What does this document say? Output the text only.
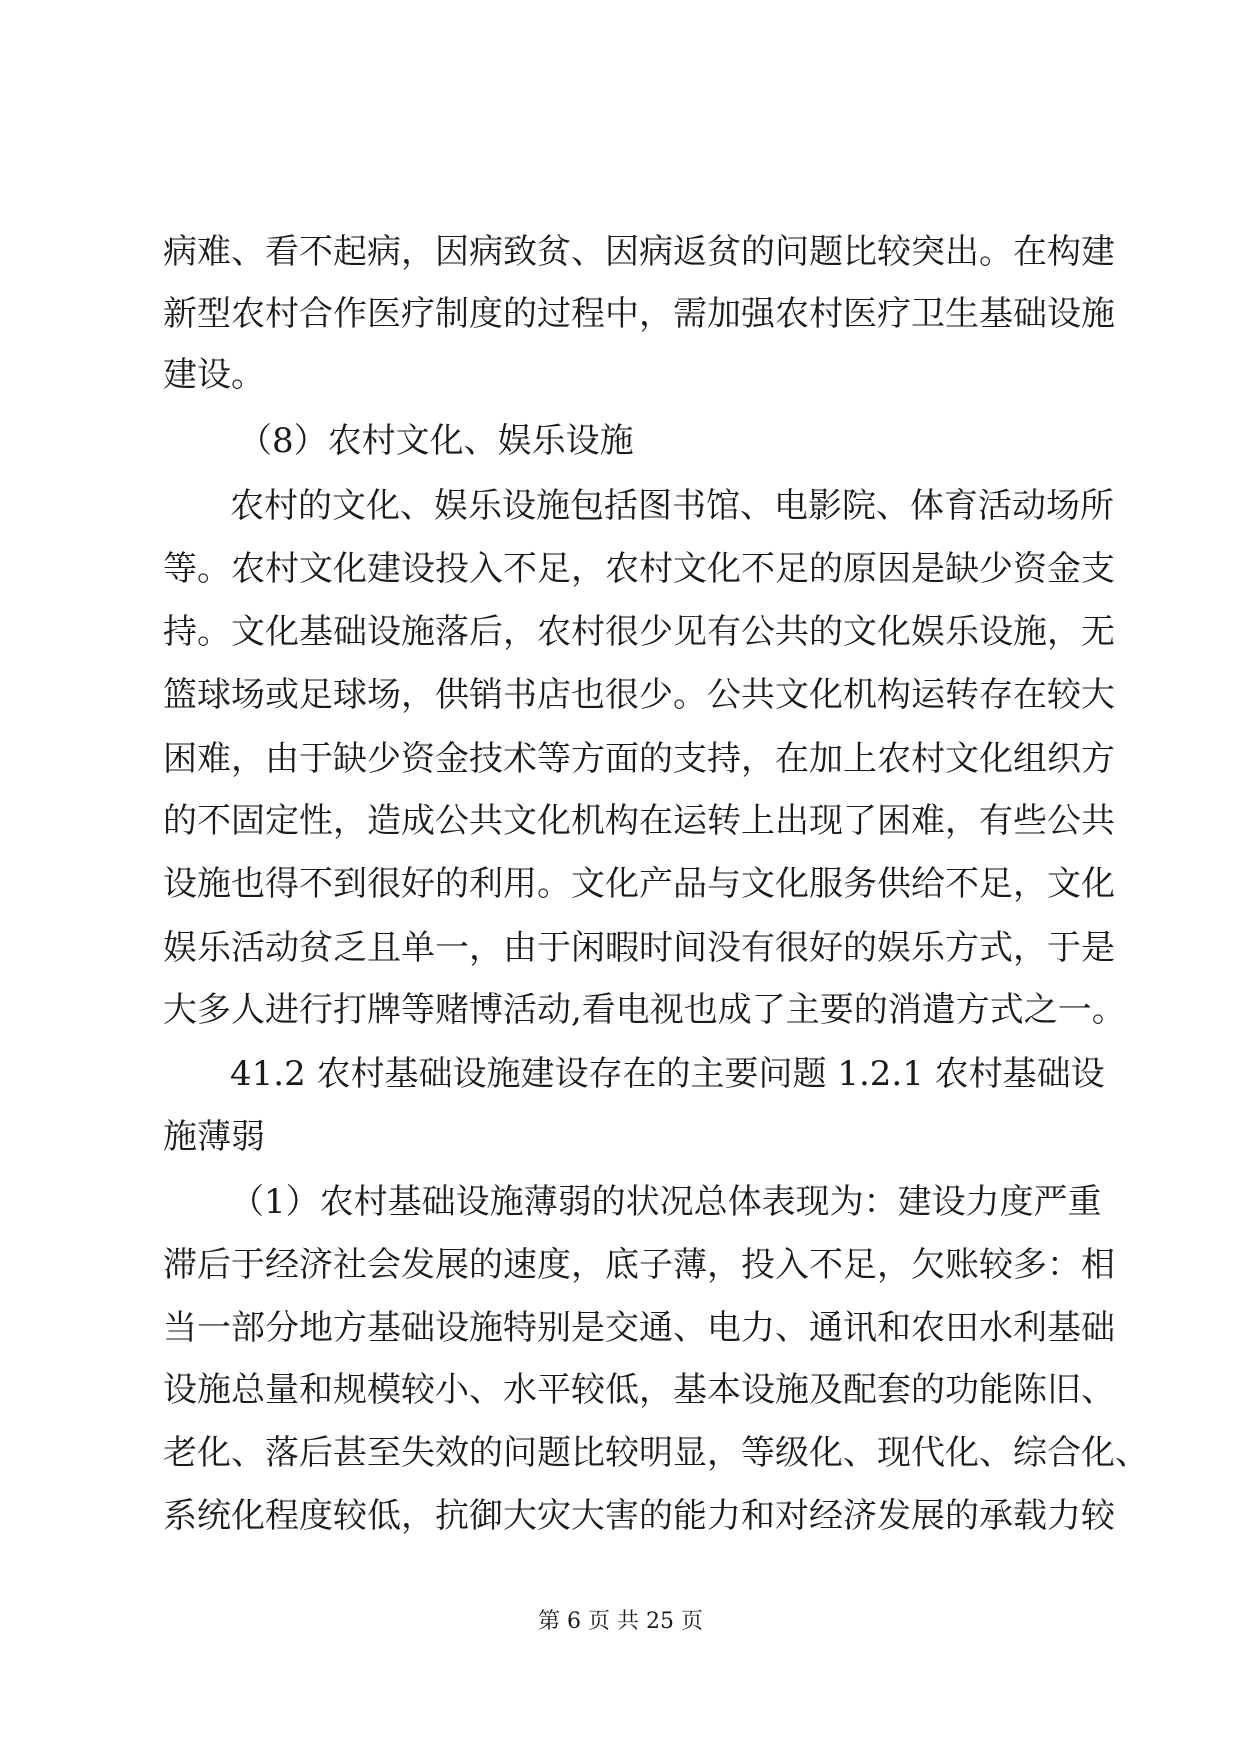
病难、看不起病，因病致贫、因病返贫的问题比较突出。在构建
新型农村合作医疗制度的过程中，需加强农村医疗卫生基础设施
建设。
（8）农村文化、娱乐设施
农村的文化、娱乐设施包括图书馆、电影院、体育活动场所
等。农村文化建设投入不足，农村文化不足的原因是缺少资金支
持。文化基础设施落后，农村很少见有公共的文化娱乐设施，无
篮球场或足球场，供销书店也很少。公共文化机构运转存在较大
困难，由于缺少资金技术等方面的支持，在加上农村文化组织方
的不固定性，造成公共文化机构在运转上出现了困难，有些公共
设施也得不到很好的利用。文化产品与文化服务供给不足，文化
娱乐活动贫乏且单一，由于闲暇时间没有很好的娱乐方式，于是
大多人进行打牌等赌博活动,看电视也成了主要的消遣方式之一。
41.2 农村基础设施建设存在的主要问题 1.2.1 农村基础设
施薄弱
（1）农村基础设施薄弱的状况总体表现为：建设力度严重
滞后于经济社会发展的速度，底子薄，投入不足，欠账较多：相
当一部分地方基础设施特别是交通、电力、通讯和农田水利基础
设施总量和规模较小、水平较低，基本设施及配套的功能陈旧、
老化、落后甚至失效的问题比较明显，等级化、现代化、综合化、
系统化程度较低，抗御大灾大害的能力和对经济发展的承载力较
第 6 页 共 25 页
